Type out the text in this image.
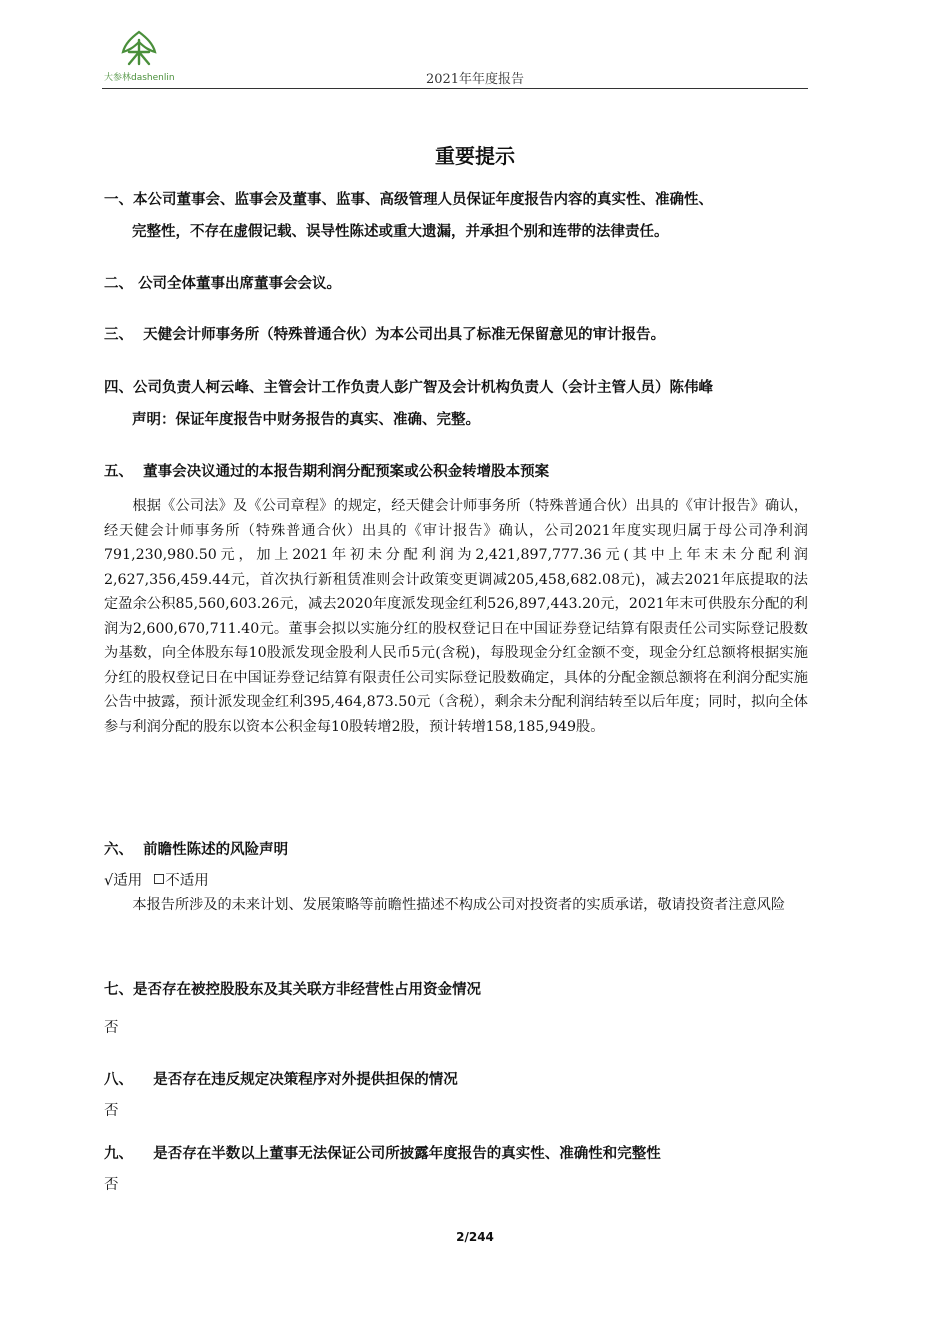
大参林dashenlin	2021年年度报告
重要提示
一、本公司董事会、监事会及董事、监事、高级管理人员保证年度报告内容的真实性、准确性、
完整性，不存在虚假记载、误导性陈述或重大遗漏，并承担个别和连带的法律责任。
二、 公司全体董事出席董事会会议。
三、 天健会计师事务所（特殊普通合伙）为本公司出具了标准无保留意见的审计报告。
四、公司负责人柯云峰、主管会计工作负责人彭广智及会计机构负责人（会计主管人员）陈伟峰
声明：保证年度报告中财务报告的真实、准确、完整。
五、 董事会决议通过的本报告期利润分配预案或公积金转增股本预案
根据《公司法》及《公司章程》的规定，经天健会计师事务所（特殊普通合伙）出具的《审计报告》确认，经天健会计师事务所（特殊普通合伙）出具的《审计报告》确认，公司2021年度实现归属于母公司净利润791,230,980.50元，加上2021年初未分配利润为2,421,897,777.36元(其中上年末未分配利润2,627,356,459.44元，首次执行新租赁准则会计政策变更调减205,458,682.08元)，减去2021年底提取的法定盈余公积85,560,603.26元，减去2020年度派发现金红利526,897,443.20元，2021年末可供股东分配的利润为2,600,670,711.40元。董事会拟以实施分红的股权登记日在中国证券登记结算有限责任公司实际登记股数为基数，向全体股东每10股派发现金股利人民币5元(含税)，每股现金分红金额不变，现金分红总额将根据实施分红的股权登记日在中国证券登记结算有限责任公司实际登记股数确定，具体的分配金额总额将在利润分配实施公告中披露，预计派发现金红利395,464,873.50元（含税），剩余未分配利润结转至以后年度；同时，拟向全体参与利润分配的股东以资本公积金每10股转增2股，预计转增158,185,949股。
六、 前瞻性陈述的风险声明
√适用 不适用
本报告所涉及的未来计划、发展策略等前瞻性描述不构成公司对投资者的实质承诺，敬请投资者注意风险
七、是否存在被控股股东及其关联方非经营性占用资金情况
否
八、 是否存在违反规定决策程序对外提供担保的情况
否
九、 是否存在半数以上董事无法保证公司所披露年度报告的真实性、准确性和完整性
否
2/244
